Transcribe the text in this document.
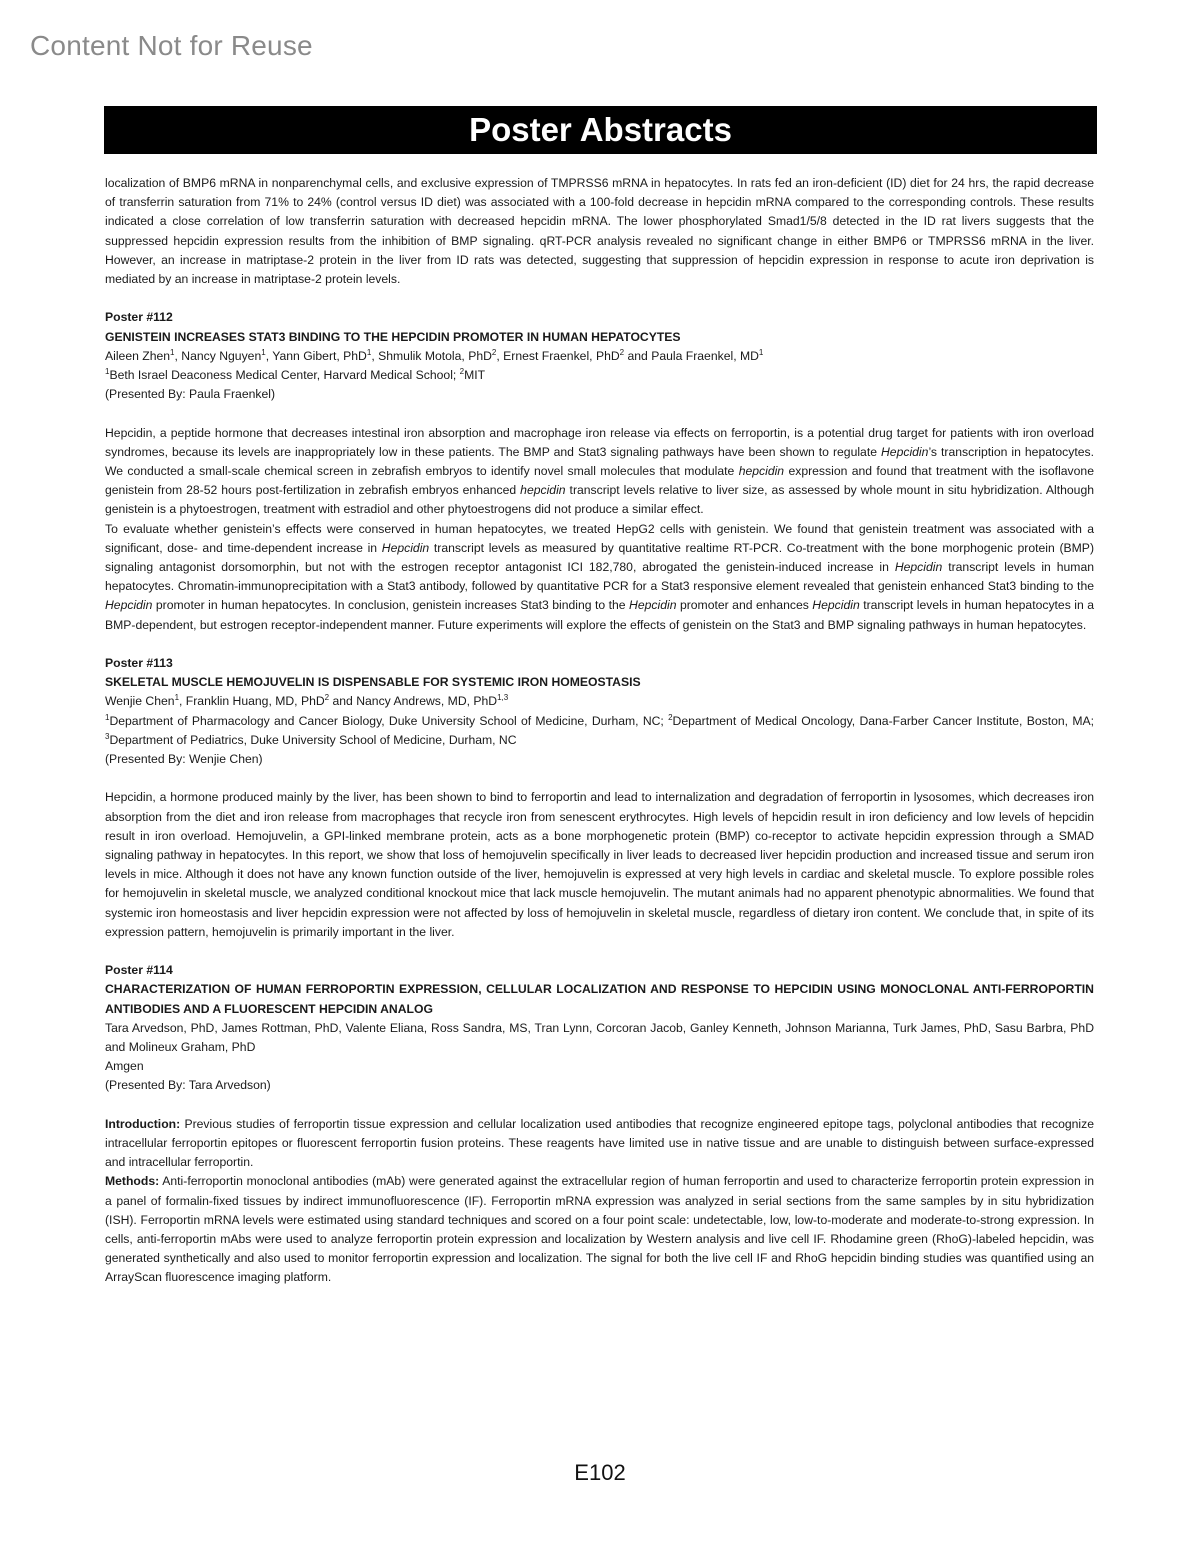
Content Not for Reuse
Poster Abstracts

localization of BMP6 mRNA in nonparenchymal cells, and exclusive expression of TMPRSS6 mRNA in hepatocytes. In rats fed an iron-deficient (ID) diet for 24 hrs, the rapid decrease of transferrin saturation from 71% to 24% (control versus ID diet) was associated with a 100-fold decrease in hepcidin mRNA compared to the corresponding controls. These results indicated a close correlation of low transferrin saturation with decreased hepcidin mRNA. The lower phosphorylated Smad1/5/8 detected in the ID rat livers suggests that the suppressed hepcidin expression results from the inhibition of BMP signaling. qRT-PCR analysis revealed no significant change in either BMP6 or TMPRSS6 mRNA in the liver. However, an increase in matriptase-2 protein in the liver from ID rats was detected, suggesting that suppression of hepcidin expression in response to acute iron deprivation is mediated by an increase in matriptase-2 protein levels.

Poster #112
GENISTEIN INCREASES STAT3 BINDING TO THE HEPCIDIN PROMOTER IN HUMAN HEPATOCYTES
Aileen Zhen$^1$, Nancy Nguyen$^1$, Yann Gibert, PhD$^1$, Shmulik Motola, PhD$^2$, Ernest Fraenkel, PhD$^2$ and Paula Fraenkel, $MD^1$
$^1$Beth Israel Deaconess Medical Center, Harvard Medical School; $^2$MIT
(Presented By: Paula Fraenkel)

Hepcidin, a peptide hormone that decreases intestinal iron absorption and macrophage iron release via effects on ferroportin, is a potential drug target for patients with iron overload syndromes, because its levels are inappropriately low in these patients. The BMP and Stat3 signaling pathways have been shown to regulate Hepcidin’s transcription in hepatocytes. We conducted a small-scale chemical screen in zebrafish embryos to identify novel small molecules that modulate hepcidin expression and found that treatment with the isoflavone genistein from 28-52 hours post-fertilization in zebrafish embryos enhanced hepcidin transcript levels relative to liver size, as assessed by whole mount in situ hybridization. Although genistein is a phytoestrogen, treatment with estradiol and other phytoestrogens did not produce a similar effect.

To evaluate whether genistein’s effects were conserved in human hepatocytes, we treated HepG2 cells with genistein. We found that genistein treatment was associated with a significant, dose- and time-dependent increase in Hepcidin transcript levels as measured by quantitative realtime RT-PCR. Co-treatment with the bone morphogenic protein (BMP) signaling antagonist dorsomorphin, but not with the estrogen receptor antagonist ICI 182,780, abrogated the genistein-induced increase in Hepcidin transcript levels in human hepatocytes. Chromatin-immunoprecipitation with a Stat3 antibody, followed by quantitative PCR for a Stat3 responsive element revealed that genistein enhanced Stat3 binding to the Hepcidin promoter in human hepatocytes. In conclusion, genistein increases Stat3 binding to the Hepcidin promoter and enhances Hepcidin transcript levels in human hepatocytes in a BMP-dependent, but estrogen receptor-independent manner. Future experiments will explore the effects of genistein on the Stat3 and BMP signaling pathways in human hepatocytes.

Poster #113
SKELETAL MUSCLE HEMOJUVELIN IS DISPENSABLE FOR SYSTEMIC IRON HOMEOSTASIS
Wenjie Chen$^1$, Franklin Huang, MD, PhD$^2$ and Nancy Andrews, MD, PhD$^{1,3}$

$^1$Department of Pharmacology and Cancer Biology, Duke University School of Medicine, Durham, NC; $^2$Department of Medical Oncology, Dana-Farber Cancer Institute, Boston, MA; $^3$Department of Pediatrics, Duke University School of Medicine, Durham, NC

(Presented By: Wenjie Chen)

Hepcidin, a hormone produced mainly by the liver, has been shown to bind to ferroportin and lead to internalization and degradation of ferroportin in lysosomes, which decreases iron absorption from the diet and iron release from macrophages that recycle iron from senescent erythrocytes. High levels of hepcidin result in iron deficiency and low levels of hepcidin result in iron overload. Hemojuvelin, a GPI-linked membrane protein, acts as a bone morphogenetic protein (BMP) co-receptor to activate hepcidin expression through a SMAD signaling pathway in hepatocytes. In this report, we show that loss of hemojuvelin specifically in liver leads to decreased liver hepcidin production and increased tissue and serum iron levels in mice. Although it does not have any known function outside of the liver, hemojuvelin is expressed at very high levels in cardiac and skeletal muscle. To explore possible roles for hemojuvelin in skeletal muscle, we analyzed conditional knockout mice that lack muscle hemojuvelin. The mutant animals had no apparent phenotypic abnormalities. We found that systemic iron homeostasis and liver hepcidin expression were not affected by loss of hemojuvelin in skeletal muscle, regardless of dietary iron content. We conclude that, in spite of its expression pattern, hemojuvelin is primarily important in the liver.

Poster #114

CHARACTERIZATION OF HUMAN FERROPORTIN EXPRESSION, CELLULAR LOCALIZATION AND RESPONSE TO HEPCIDIN USING MONOCLONAL ANTI-FERROPORTIN ANTIBODIES AND A FLUORESCENT HEPCIDIN ANALOG

Tara Arvedson, PhD, James Rottman, PhD, Valente Eliana, Ross Sandra, MS, Tran Lynn, Corcoran Jacob, Ganley Kenneth, Johnson Marianna, Turk James, PhD, Sasu Barbra, PhD and Molineux Graham, PhD

Amgen
(Presented By: Tara Arvedson)

Introduction: Previous studies of ferroportin tissue expression and cellular localization used antibodies that recognize engineered epitope tags, polyclonal antibodies that recognize intracellular ferroportin epitopes or fluorescent ferroportin fusion proteins. These reagents have limited use in native tissue and are unable to distinguish between surface-expressed and intracellular ferroportin.

Methods: Anti-ferroportin monoclonal antibodies (mAb) were generated against the extracellular region of human ferroportin and used to characterize ferroportin protein expression in a panel of formalin-fixed tissues by indirect immunofluorescence (IF). Ferroportin mRNA expression was analyzed in serial sections from the same samples by in situ hybridization (ISH). Ferroportin mRNA levels were estimated using standard techniques and scored on a four point scale: undetectable, low, low-to-moderate and moderate-to-strong expression. In cells, anti-ferroportin mAbs were used to analyze ferroportin protein expression and localization by Western analysis and live cell IF. Rhodamine green (RhoG)-labeled hepcidin, was generated synthetically and also used to monitor ferroportin expression and localization. The signal for both the live cell IF and RhoG hepcidin binding studies was quantified using an ArrayScan fluorescence imaging platform.

E102
